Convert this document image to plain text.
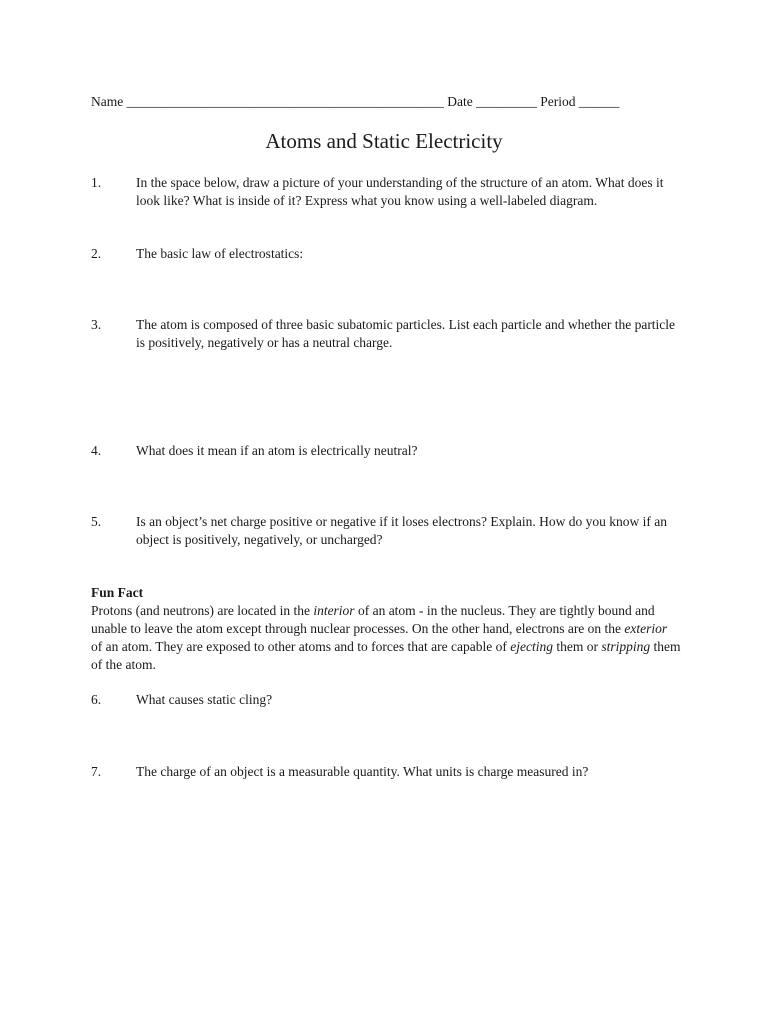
Name _______________________________________________ Date _________ Period ______
Atoms and Static Electricity
1.	In the space below, draw a picture of your understanding of the structure of an atom. What does it look like? What is inside of it? Express what you know using a well-labeled diagram.
2.	The basic law of electrostatics:
3.	The atom is composed of three basic subatomic particles. List each particle and whether the particle is positively, negatively or has a neutral charge.
4.	What does it mean if an atom is electrically neutral?
5.	Is an object’s net charge positive or negative if it loses electrons? Explain. How do you know if an object is positively, negatively, or uncharged?
Fun Fact
Protons (and neutrons) are located in the interior of an atom - in the nucleus. They are tightly bound and unable to leave the atom except through nuclear processes. On the other hand, electrons are on the exterior of an atom. They are exposed to other atoms and to forces that are capable of ejecting them or stripping them of the atom.
6.	What causes static cling?
7.	The charge of an object is a measurable quantity. What units is charge measured in?
